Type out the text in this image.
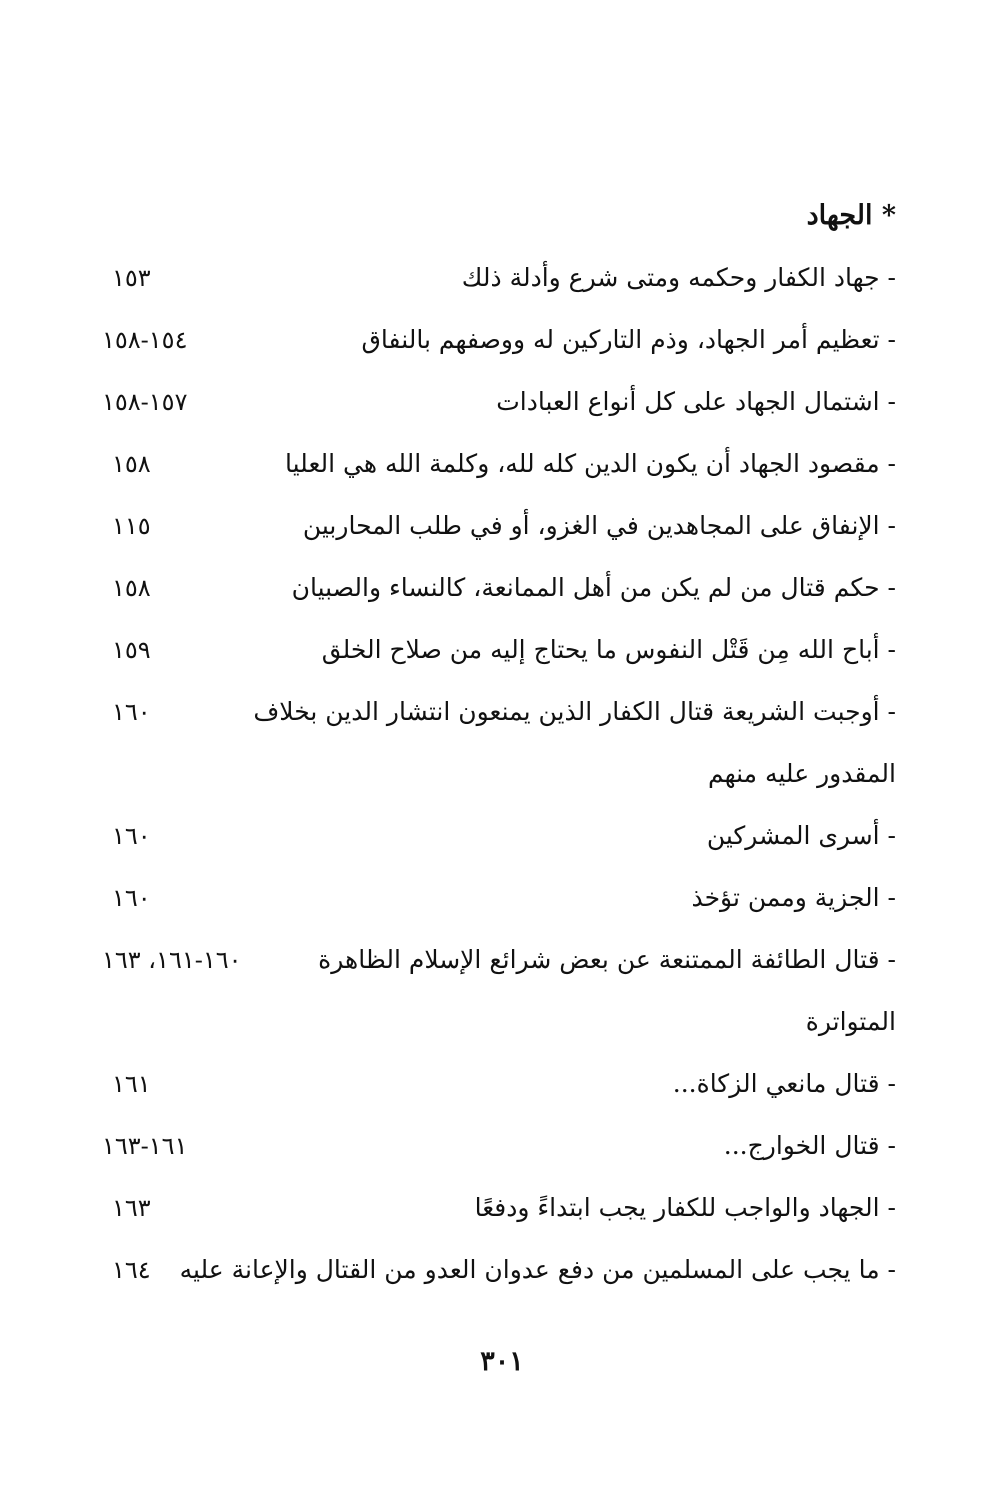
* الجهاد
- جهاد الكفار وحكمه ومتى شرع وأدلة ذلك
١٥٣
- تعظيم أمر الجهاد، وذم التاركين له ووصفهم بالنفاق
١٥٤-١٥٨
- اشتمال الجهاد على كل أنواع العبادات
١٥٧-١٥٨
- مقصود الجهاد أن يكون الدين كله لله، وكلمة الله هي العليا
١٥٨
- الإنفاق على المجاهدين في الغزو، أو في طلب المحاربين
١١٥
- حكم قتال من لم يكن من أهل الممانعة، كالنساء والصبيان
١٥٨
- أباح الله مِن قَتْل النفوس ما يحتاج إليه من صلاح الخلق
١٥٩
- أوجبت الشريعة قتال الكفار الذين يمنعون انتشار الدين بخلاف
١٦٠
المقدور عليه منهم
- أسرى المشركين
١٦٠
- الجزية وممن تؤخذ
١٦٠
- قتال الطائفة الممتنعة عن بعض شرائع الإسلام الظاهرة
١٦٠-١٦١، ١٦٣
المتواترة
- قتال مانعي الزكاة...
١٦١
- قتال الخوارج...
١٦١-١٦٣
- الجهاد والواجب للكفار يجب ابتداءً ودفعًا
١٦٣
- ما يجب على المسلمين من دفع عدوان العدو من القتال والإعانة عليه
١٦٤
٣٠١
